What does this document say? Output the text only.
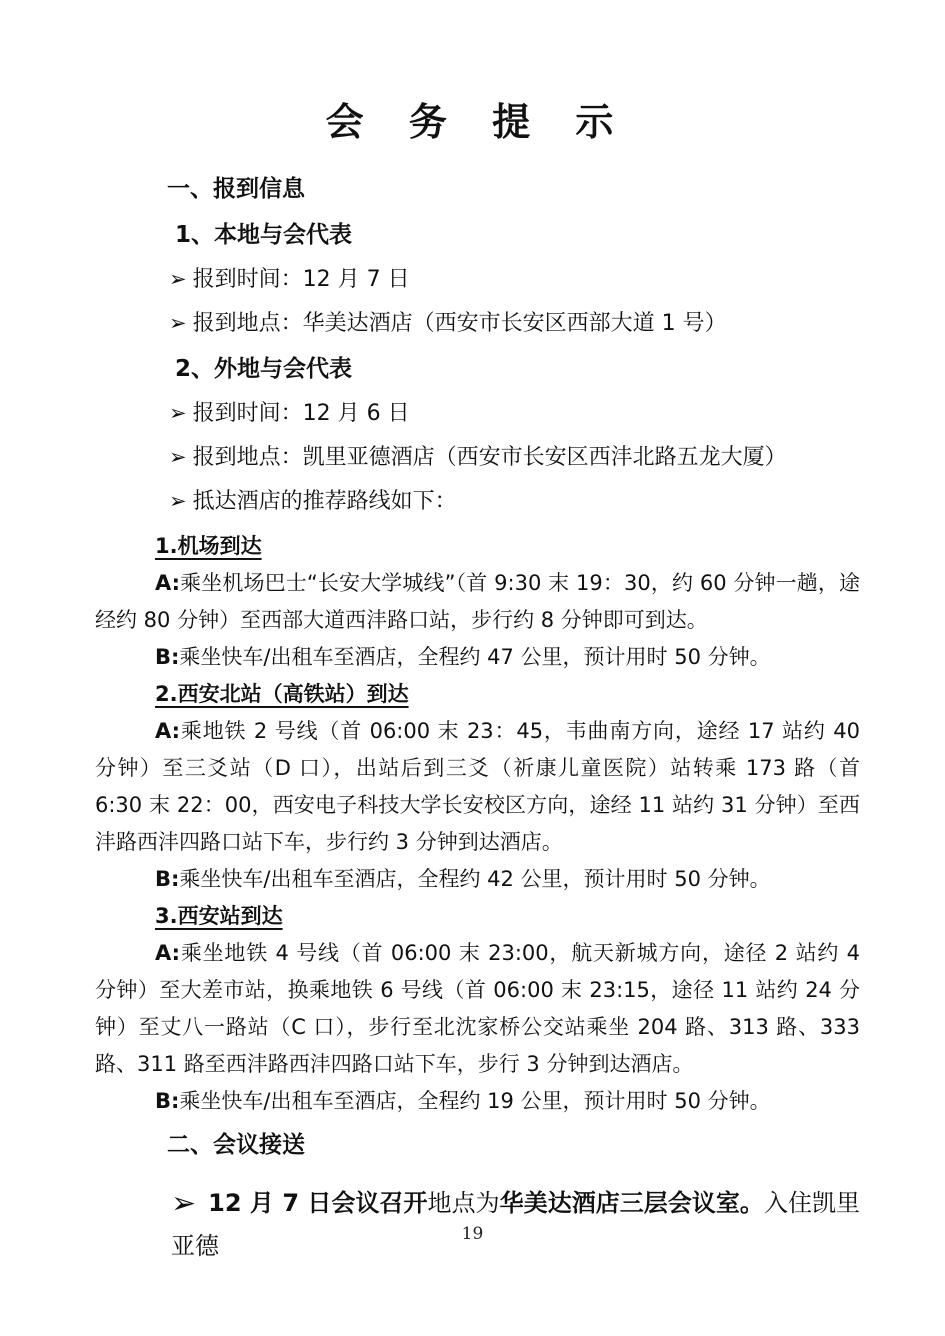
会 务 提 示
一、报到信息
1、本地与会代表
➢ 报到时间：12 月 7 日
➢ 报到地点：华美达酒店（西安市长安区西部大道 1 号）
2、外地与会代表
➢ 报到时间：12 月 6 日
➢ 报到地点：凯里亚德酒店（西安市长安区西沣北路五龙大厦）
➢ 抵达酒店的推荐路线如下：

1.机场到达

A:乘坐机场巴士“长安大学城线”（首 9:30 末 19：30，约 60 分钟一趟，途经约 80 分钟）至西部大道西沣路口站，步行约 8 分钟即可到达。

B:乘坐快车/出租车至酒店，全程约 47 公里，预计用时 50 分钟。

2.西安北站（高铁站）到达

A:乘地铁 2 号线（首 06:00 末 23：45，韦曲南方向，途经 17 站约 40 分钟）至三爻站（D 口），出站后到三爻（祈康儿童医院）站转乘 173 路（首 6:30 末 22：00，西安电子科技大学长安校区方向，途经 11 站约 31 分钟）至西沣路西沣四路口站下车，步行约 3 分钟到达酒店。

B:乘坐快车/出租车至酒店，全程约 42 公里，预计用时 50 分钟。

3.西安站到达

A:乘坐地铁 4 号线（首 06:00 末 23:00，航天新城方向，途径 2 站约 4 分钟）至大差市站，换乘地铁 6 号线（首 06:00 末 23:15，途径 11 站约 24 分钟）至丈八一路站（C 口），步行至北沈家桥公交站乘坐 204 路、313 路、333 路、311 路至西沣路西沣四路口站下车，步行 3 分钟到达酒店。

B:乘坐快车/出租车至酒店，全程约 19 公里，预计用时 50 分钟。

二、会议接送
➢ 12 月 7 日会议召开地点为华美达酒店三层会议室。入住凯里亚德	19
